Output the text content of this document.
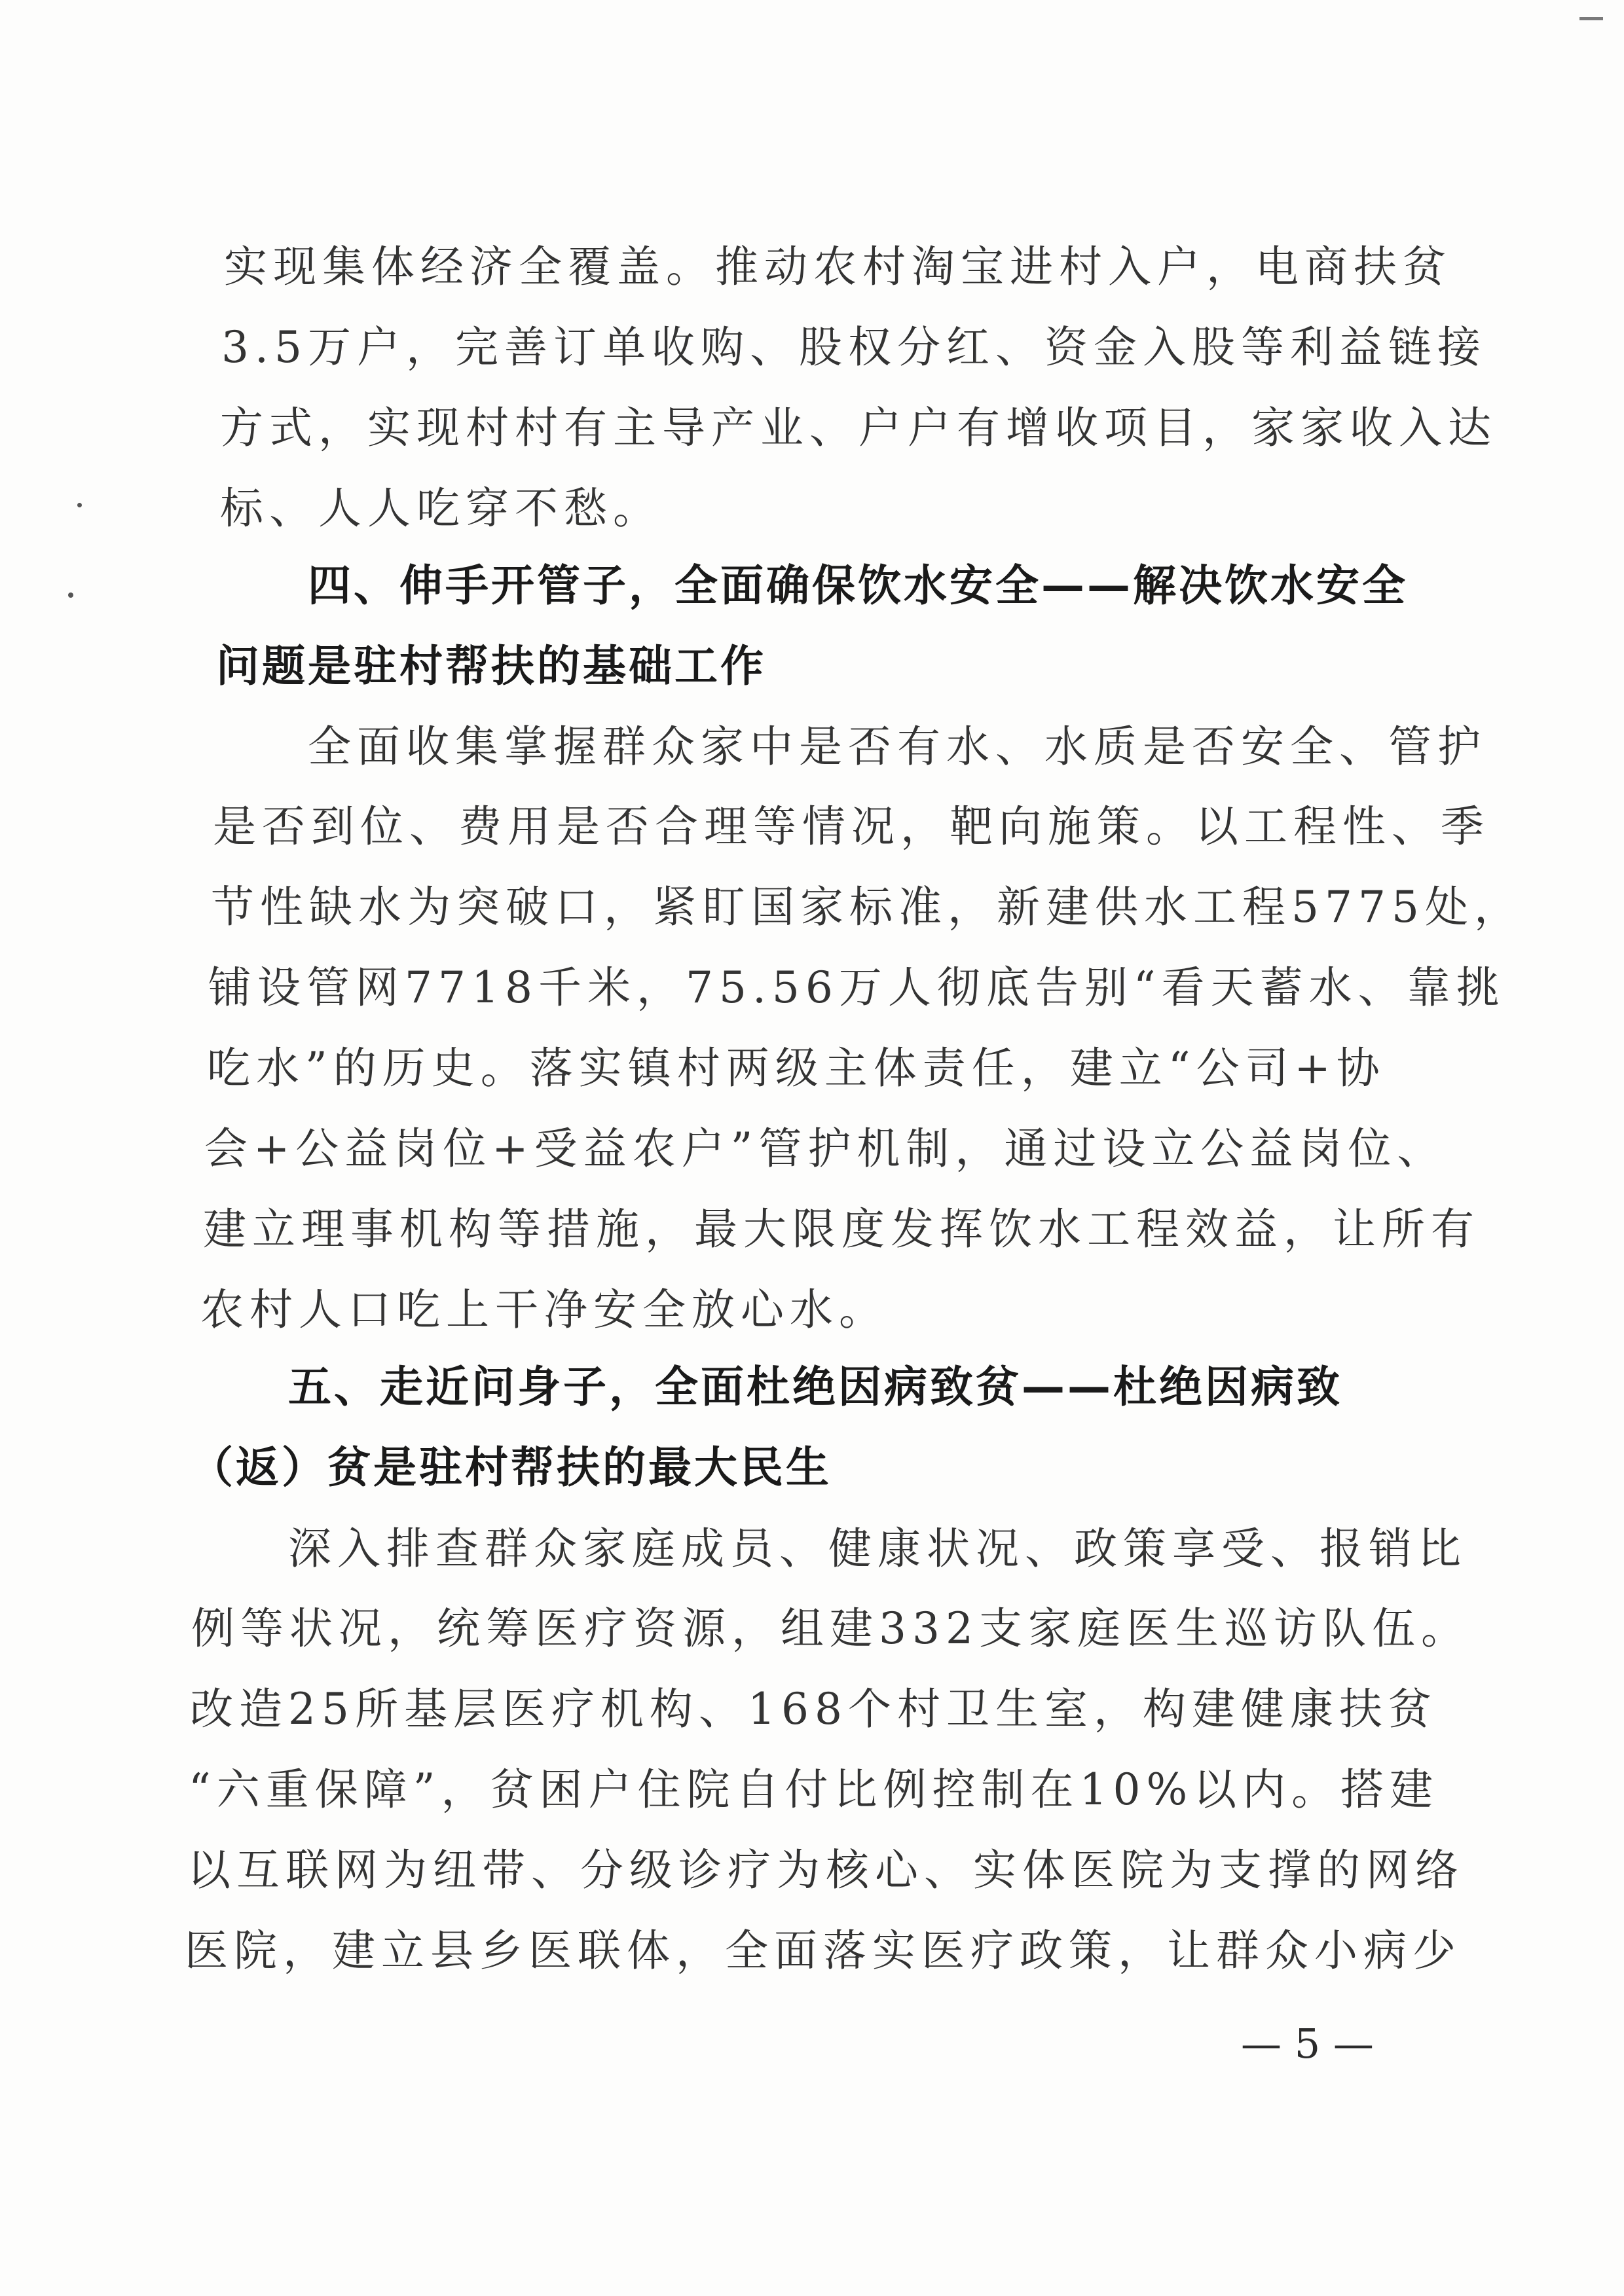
实现集体经济全覆盖。推动农村淘宝进村入户，电商扶贫
3.5万户，完善订单收购、股权分红、资金入股等利益链接
方式，实现村村有主导产业、户户有增收项目，家家收入达
标、人人吃穿不愁。
四、伸手开管子，全面确保饮水安全——解决饮水安全
问题是驻村帮扶的基础工作
全面收集掌握群众家中是否有水、水质是否安全、管护
是否到位、费用是否合理等情况，靶向施策。以工程性、季
节性缺水为突破口，紧盯国家标准，新建供水工程5775处，
铺设管网7718千米，75.56万人彻底告别“看天蓄水、靠挑
吃水”的历史。落实镇村两级主体责任，建立“公司+协
会+公益岗位+受益农户”管护机制，通过设立公益岗位、
建立理事机构等措施，最大限度发挥饮水工程效益，让所有
农村人口吃上干净安全放心水。
五、走近问身子，全面杜绝因病致贫——杜绝因病致
（返）贫是驻村帮扶的最大民生
深入排查群众家庭成员、健康状况、政策享受、报销比
例等状况，统筹医疗资源，组建332支家庭医生巡访队伍。
改造25所基层医疗机构、168个村卫生室，构建健康扶贫
“六重保障”，贫困户住院自付比例控制在10%以内。搭建
以互联网为纽带、分级诊疗为核心、实体医院为支撑的网络
医院，建立县乡医联体，全面落实医疗政策，让群众小病少
— 5 —
